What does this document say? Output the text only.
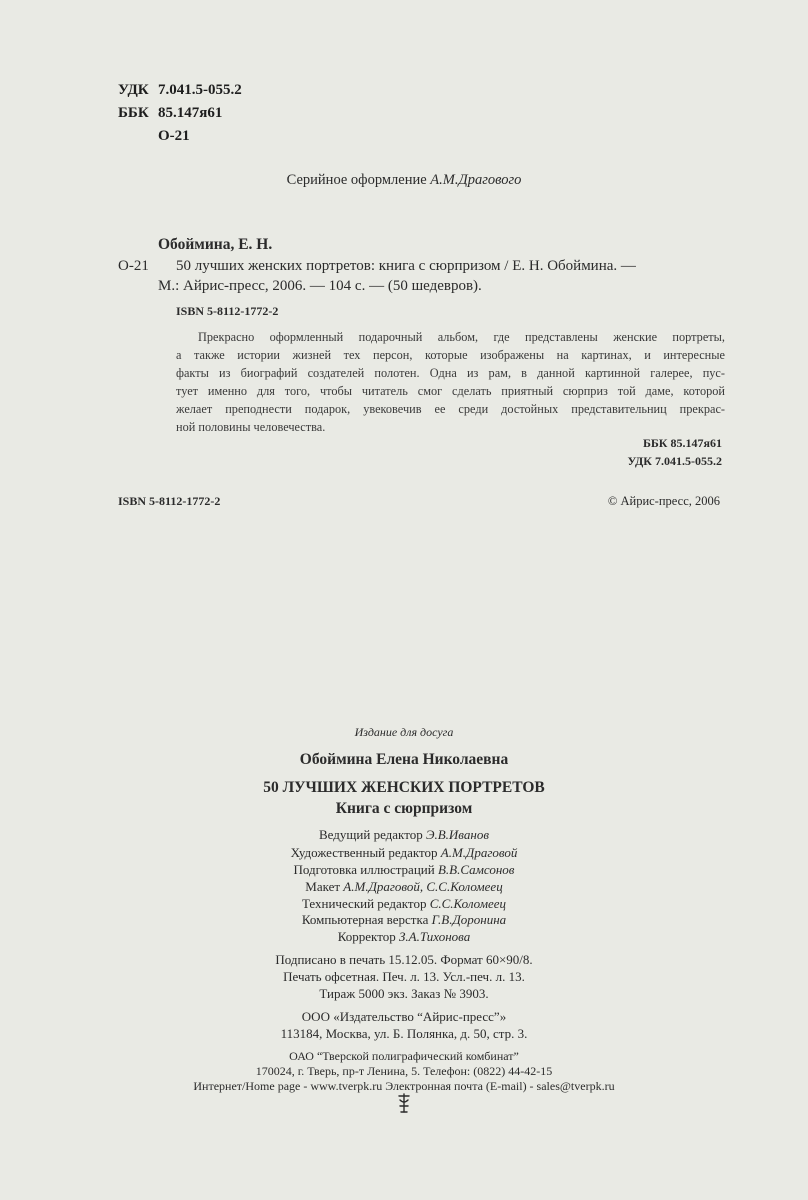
УДК 7.041.5-055.2
ББК 85.147я61
О-21
Серийное оформление А.М.Драгового
Обоймина, Е. Н.
О-21 50 лучших женских портретов: книга с сюрпризом / Е. Н. Обоймина. —
М.: Айрис-пресс, 2006. — 104 с. — (50 шедевров).
ISBN 5-8112-1772-2
Прекрасно оформленный подарочный альбом, где представлены женские портреты,
а также истории жизней тех персон, которые изображены на картинах, и интересные
факты из биографий создателей полотен. Одна из рам, в данной картинной галерее, пус-
тует именно для того, чтобы читатель смог сделать приятный сюрприз той даме, которой
желает преподнести подарок, увековечив ее среди достойных представительниц прекрас-
ной половины человечества.
ББК 85.147я61
УДК 7.041.5-055.2
ISBN 5-8112-1772-2	© Айрис-пресс, 2006
Издание для досуга
Обоймина Елена Николаевна
50 ЛУЧШИХ ЖЕНСКИХ ПОРТРЕТОВ
Книга с сюрпризом
Ведущий редактор Э.В.Иванов
Художественный редактор А.М.Драговой
Подготовка иллюстраций В.В.Самсонов
Макет А.М.Драговой, С.С.Коломеец
Технический редактор С.С.Коломеец
Компьютерная верстка Г.В.Доронина
Корректор З.А.Тихонова
Подписано в печать 15.12.05. Формат 60×90/8.
Печать офсетная. Печ. л. 13. Усл.-печ. л. 13.
Тираж 5000 экз. Заказ № 3903.
ООО «Издательство “Айрис-пресс”»
113184, Москва, ул. Б. Полянка, д. 50, стр. 3.
ОАО “Тверской полиграфический комбинат”
170024, г. Тверь, пр-т Ленина, 5. Телефон: (0822) 44-42-15
Интернет/Home page - www.tverpk.ru Электронная почта (E-mail) - sales@tverpk.ru
